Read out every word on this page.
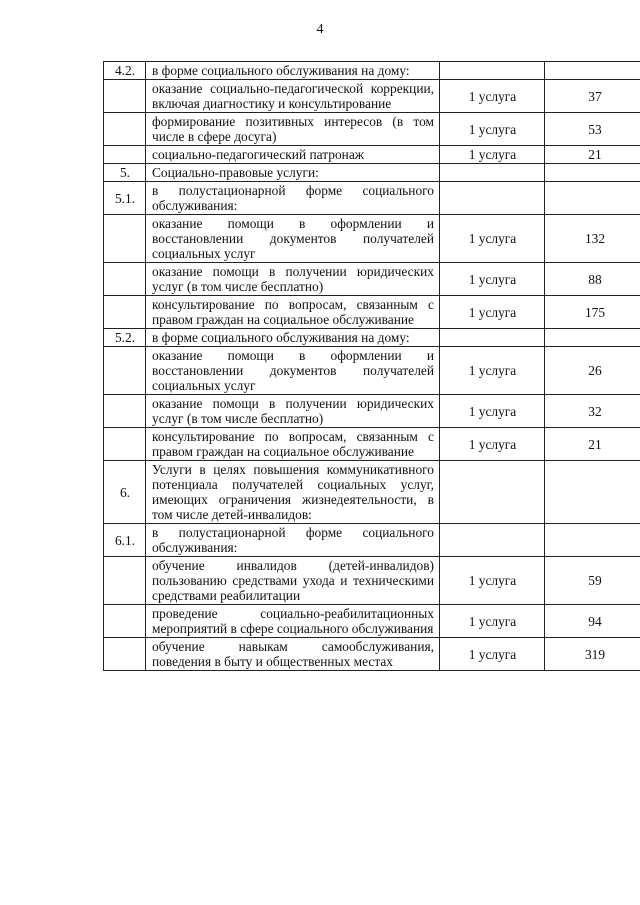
4
4.2.	в форме социального обслуживания на дому:		
	оказание социально-педагогической коррекции, включая диагностику и консультирование	1 услуга	37
	формирование позитивных интересов (в том числе в сфере досуга)	1 услуга	53
	социально-педагогический патронаж	1 услуга	21
5.	Социально-правовые услуги:		
5.1.	в полустационарной форме социального обслуживания:		
	оказание помощи в оформлении и восстановлении документов получателей социальных услуг	1 услуга	132
	оказание помощи в получении юридических услуг (в том числе бесплатно)	1 услуга	88
	консультирование по вопросам, связанным с правом граждан на социальное обслуживание	1 услуга	175
5.2.	в форме социального обслуживания на дому:		
	оказание помощи в оформлении и восстановлении документов получателей социальных услуг	1 услуга	26
	оказание помощи в получении юридических услуг (в том числе бесплатно)	1 услуга	32
	консультирование по вопросам, связанным с правом граждан на социальное обслуживание	1 услуга	21
6.	Услуги в целях повышения коммуникативного потенциала получателей социальных услуг, имеющих ограничения жизнедеятельности, в том числе детей-инвалидов:		
6.1.	в полустационарной форме социального обслуживания:		
	обучение инвалидов (детей-инвалидов) пользованию средствами ухода и техническими средствами реабилитации	1 услуга	59
	проведение социально-реабилитационных мероприятий в сфере социального обслуживания	1 услуга	94
	обучение навыкам самообслуживания, поведения в быту и общественных местах	1 услуга	319
